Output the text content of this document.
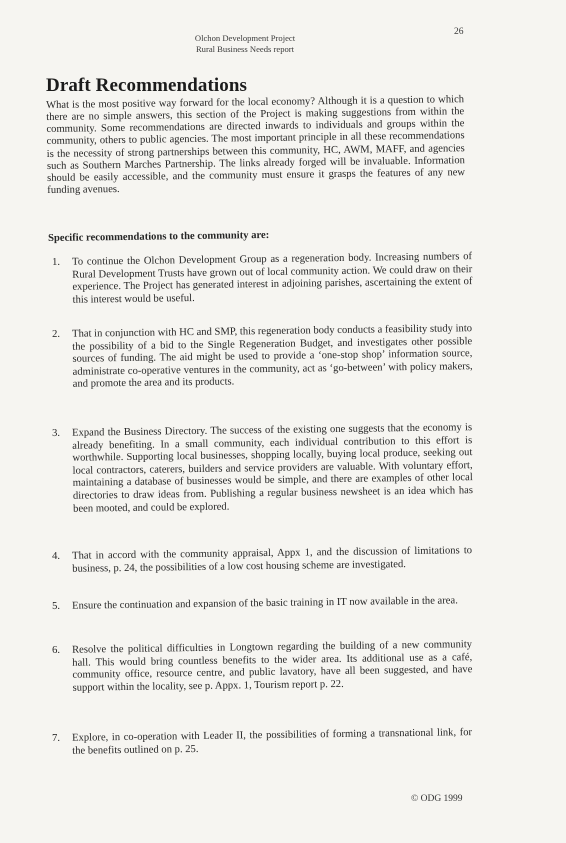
Olchon Development Project
Rural Business Needs report
26
Draft Recommendations

What is the most positive way forward for the local economy? Although it is a question to which there are no simple answers, this section of the Project is making suggestions from within the community. Some recommendations are directed inwards to individuals and groups within the community, others to public agencies. The most important principle in all these recommendations is the necessity of strong partnerships between this community, HC, AWM, MAFF, and agencies such as Southern Marches Partnership. The links already forged will be invaluable. Information should be easily accessible, and the community must ensure it grasps the features of any new funding avenues.

Specific recommendations to the community are:
1.	To continue the Olchon Development Group as a regeneration body. Increasing numbers of Rural Development Trusts have grown out of local community action. We could draw on their experience. The Project has generated interest in adjoining parishes, ascertaining the extent of this interest would be useful.
2.	That in conjunction with HC and SMP, this regeneration body conducts a feasibility study into the possibility of a bid to the Single Regeneration Budget, and investigates other possible sources of funding. The aid might be used to provide a ‘one-stop shop’ information source, administrate co-operative ventures in the community, act as ‘go-between’ with policy makers, and promote the area and its products.
3.	Expand the Business Directory. The success of the existing one suggests that the economy is already benefiting. In a small community, each individual contribution to this effort is worthwhile. Supporting local businesses, shopping locally, buying local produce, seeking out local contractors, caterers, builders and service providers are valuable. With voluntary effort, maintaining a database of businesses would be simple, and there are examples of other local directories to draw ideas from. Publishing a regular business newsheet is an idea which has been mooted, and could be explored.
4.	That in accord with the community appraisal, Appx 1, and the discussion of limitations to business, p. 24, the possibilities of a low cost housing scheme are investigated.
5.	Ensure the continuation and expansion of the basic training in IT now available in the area.
6.	Resolve the political difficulties in Longtown regarding the building of a new community hall. This would bring countless benefits to the wider area. Its additional use as a café, community office, resource centre, and public lavatory, have all been suggested, and have support within the locality, see p. Appx. 1, Tourism report p. 22.
7.	Explore, in co-operation with Leader II, the possibilities of forming a transnational link, for the benefits outlined on p. 25.
© ODG 1999
